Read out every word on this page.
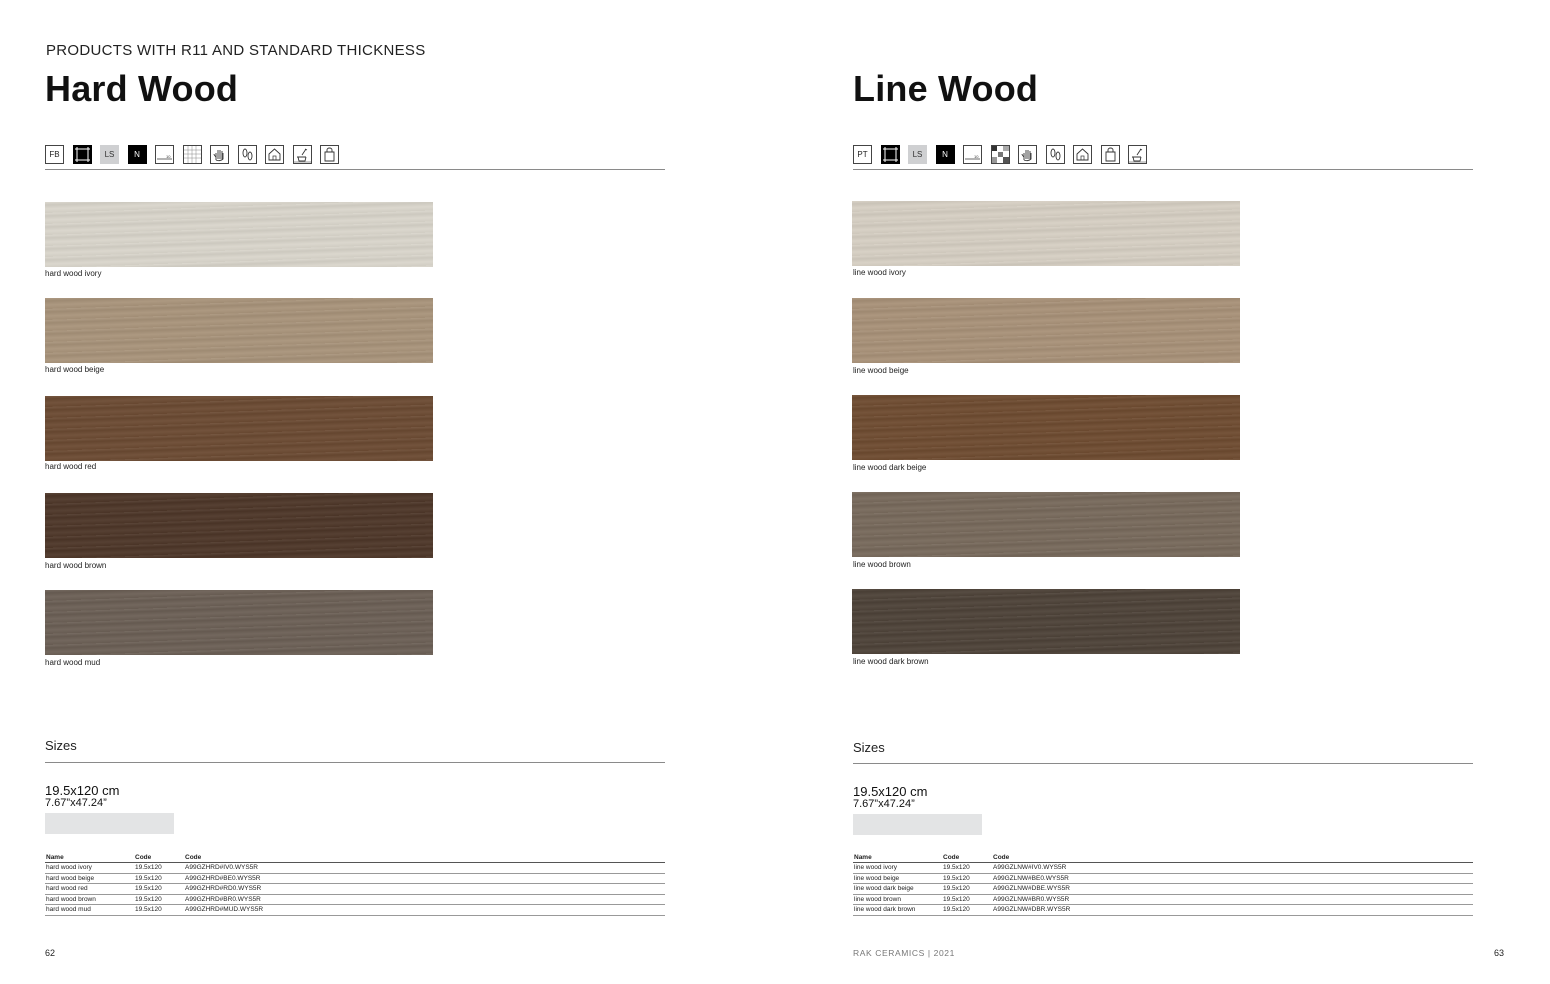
PRODUCTS WITH R11 AND STANDARD THICKNESS
Hard Wood
FB	LS	N	10
hard wood ivory
hard wood beige
hard wood red
hard wood brown
hard wood mud
Sizes
19.5x120 cm
7.67”x47.24”
Name	Code	Code
hard wood ivory	19.5x120	A99GZHRD#IV0.WYS5R
hard wood beige	19.5x120	A99GZHRD#BE0.WYS5R
hard wood red	19.5x120	A99GZHRD#RD0.WYS5R
hard wood brown	19.5x120	A99GZHRD#BR0.WYS5R
hard wood mud	19.5x120	A99GZHRD#MUD.WYS5R
62
Line Wood
PT	LS	N	10
line wood ivory
line wood beige
line wood dark beige
line wood brown
line wood dark brown
Sizes
19.5x120 cm
7.67”x47.24”
Name	Code	Code
line wood ivory	19.5x120	A99GZLNW#IV0.WYS5R
line wood beige	19.5x120	A99GZLNW#BE0.WYS5R
line wood dark beige	19.5x120	A99GZLNW#DBE.WYS5R
line wood brown	19.5x120	A99GZLNW#BR0.WYS5R
line wood dark brown	19.5x120	A99GZLNW#DBR.WYS5R
RAK CERAMICS | 2021	63
